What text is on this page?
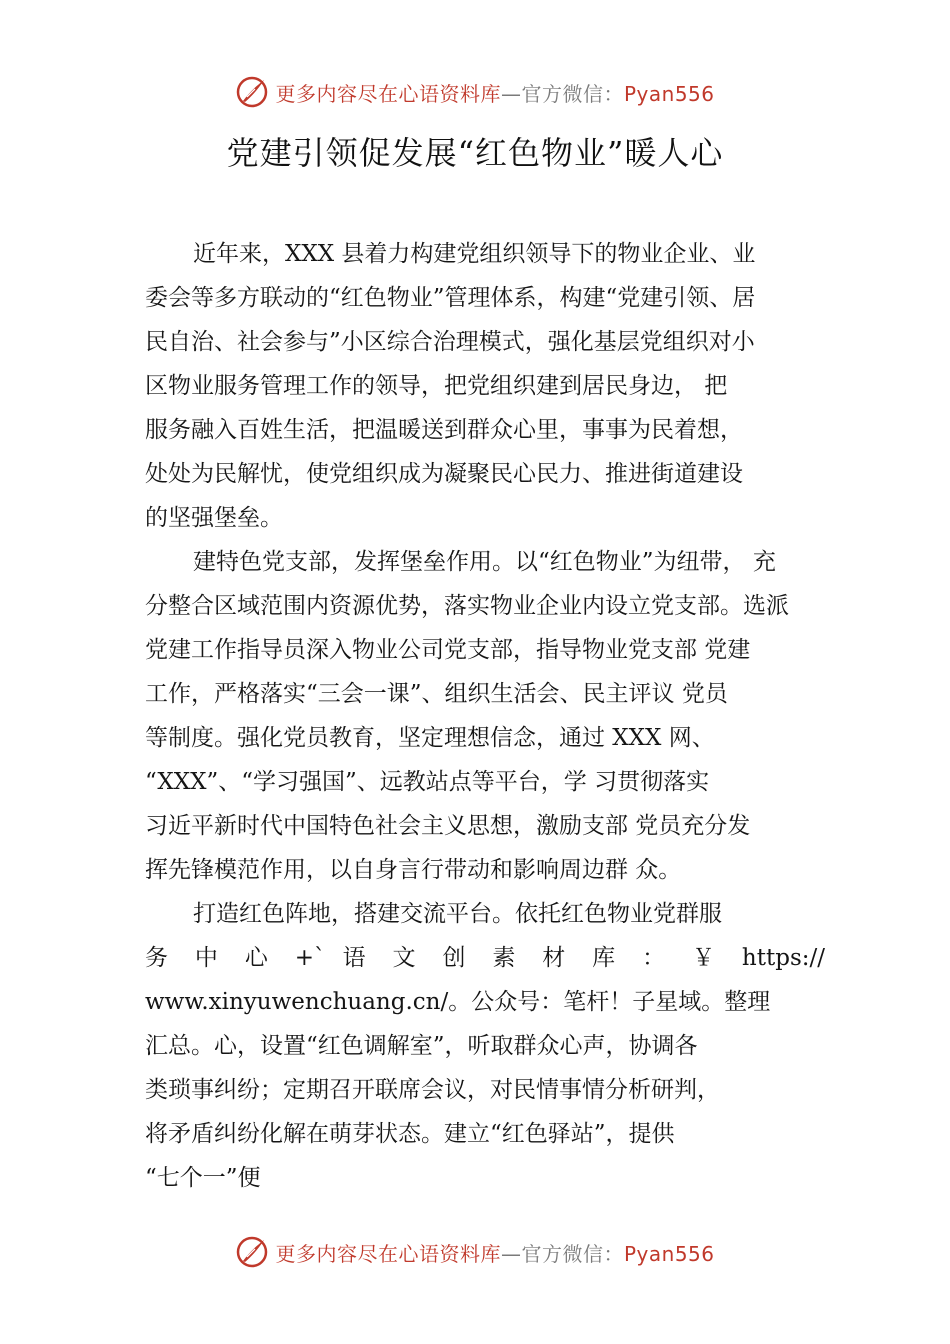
更多内容尽在心语资料库—官方微信：Pyan556
党建引领促发展“红色物业”暖人心
近年来，XXX 县着力构建党组织领导下的物业企业、业
委会等多方联动的“红色物业”管理体系，构建“党建引领、居
民自治、社会参与”小区综合治理模式，强化基层党组织对小
区物业服务管理工作的领导，把党组织建到居民身边， 把
服务融入百姓生活，把温暖送到群众心里，事事为民着想，
处处为民解忧，使党组织成为凝聚民心民力、推进街道建设
的坚强堡垒。
建特色党支部，发挥堡垒作用。以“红色物业”为纽带， 充
分整合区域范围内资源优势，落实物业企业内设立党支部。选派
党建工作指导员深入物业公司党支部，指导物业党支部 党建
工作，严格落实“三会一课”、组织生活会、民主评议 党员
等制度。强化党员教育，坚定理想信念，通过 XXX 网、
“XXX”、“学习强国”、远教站点等平台，学 习贯彻落实
习近平新时代中国特色社会主义思想，激励支部 党员充分发
挥先锋模范作用，以自身言行带动和影响周边群 众。
打造红色阵地，搭建交流平台。依托红色物业党群服
务 中 心 +` 语 文 创 素 材 库 ： ￥ https://
www.xinyuwenchuang.cn/。公众号：笔杆！子星域。整理
汇总。心，设置“红色调解室”，听取群众心声，协调各
类琐事纠纷；定期召开联席会议，对民情事情分析研判，
将矛盾纠纷化解在萌芽状态。建立“红色驿站”，提供
“七个一”便
更多内容尽在心语资料库—官方微信：Pyan556
